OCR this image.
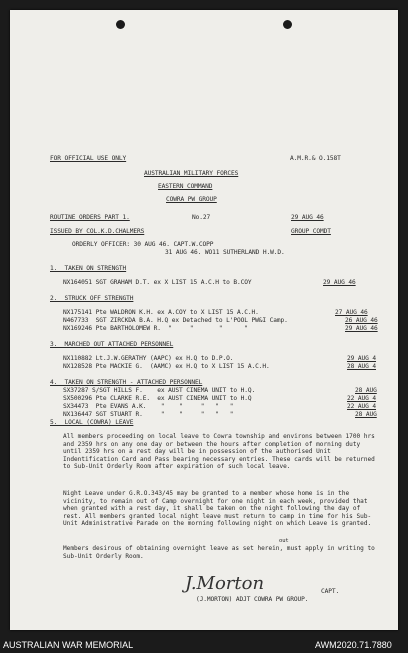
FOR OFFICIAL USE ONLY	A.M.R.& O.158T
AUSTRALIAN MILITARY FORCES
EASTERN COMMAND
COWRA PW GROUP
ROUTINE ORDERS PART 1.	No.27	29 AUG 46
ISSUED BY COL.K.D.CHALMERS	GROUP COMDT
ORDERLY OFFICER: 30 AUG 46. CAPT.W.COPP
31 AUG 46. WO11 SUTHERLAND H.W.D.
1.  TAKEN ON STRENGTH
NX164051 SGT GRAHAM D.T. ex X LIST 15 A.C.H to B.COY	29 AUG 46
2.  STRUCK OFF STRENGTH
NX175141 Pte WALDRON K.H. ex A.COY to X LIST 15 A.C.H.	27 AUG 46
N467733  SGT ZIRCKDA B.A. H.Q ex Detached to L'POOL PW&I Camp.	26 AUG 46
NX169246 Pte BARTHOLOMEW R.  "     "       "      "	29 AUG 46
3.  MARCHED OUT ATTACHED PERSONNEL
NX110882 Lt.J.W.GERATHY (AAPC) ex H.Q to D.P.O.	29 AUG 4
NX128528 Pte MACKIE G.  (AAMC) ex H.Q to X LIST 15 A.C.H.	28 AUG 4
4.  TAKEN ON STRENGTH - ATTACHED PERSONNEL
SX37287 S/SGT HILLS F.    ex AUST CINEMA UNIT to H.Q.	28 AUG
SX500296 Pte CLARKE R.E.  ex AUST CINEMA UNIT to H.Q	22 AUG 4
SX34473  Pte EVANS A.K.    "    "     "   "   "	22 AUG 4
NX136447 SGT STUART R.     "    "     "   "   "	28 AUG
5.  LOCAL (COWRA) LEAVE
All members proceeding on local leave to Cowra township and environs between 1700 hrs and 2359 hrs on any one day or between the hours after completion of morning duty until 2359 hrs on a rest day will be in possession of the authorised Unit Indentification Card and Pass bearing necessary entries. These cards will be returned to Sub-Unit Orderly Room after expiration of such local leave.
Night Leave under G.R.O.343/45 may be granted to a member whose home is in the vicinity, to remain out of Camp overnight for one night in each week, provided that when granted with a rest day, it shall be taken on the night following the day of rest. All members granted local night leave must return to camp in time for his Sub-Unit Administrative Parade on the morning following night on which Leave is granted.
out
Members desirous of obtaining overnight leave as set herein, must apply in writing to Sub-Unit Orderly Room.
J.Morton	CAPT.
(J.MORTON) ADJT COWRA PW GROUP.
AUSTRALIAN WAR MEMORIAL	AWM2020.71.7880
